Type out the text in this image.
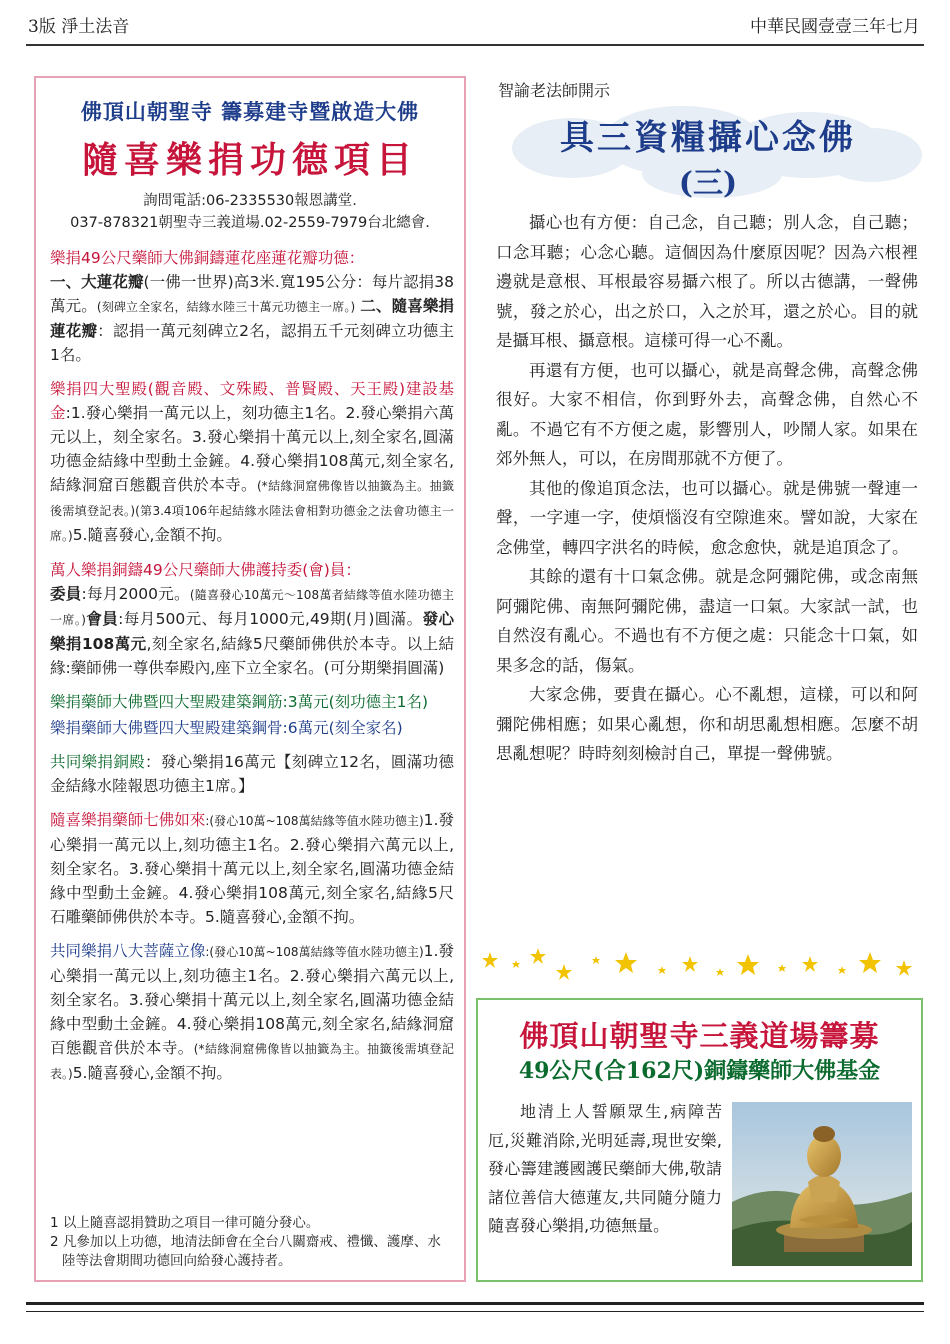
3版 淨土法音	中華民國壹壹三年七月
佛頂山朝聖寺 籌募建寺暨啟造大佛
隨喜樂捐功德項目
詢問電話:06-2335530報恩講堂.
037-878321朝聖寺三義道場.02-2559-7979台北總會.
樂捐49公尺藥師大佛銅鑄蓮花座蓮花瓣功德：
一、大蓮花瓣(一佛一世界)高3米.寬195公分：每片認捐38萬元。(刻碑立全家名，結緣水陸三十萬元功德主一席。) 二、隨喜樂捐蓮花瓣：認捐一萬元刻碑立2名，認捐五千元刻碑立功德主1名。
樂捐四大聖殿(觀音殿、文殊殿、普賢殿、天王殿)建設基金:1.發心樂捐一萬元以上，刻功德主1名。2.發心樂捐六萬元以上，刻全家名。3.發心樂捐十萬元以上,刻全家名,圓滿功德金結緣中型動土金鏟。4.發心樂捐108萬元,刻全家名,結緣洞窟百態觀音供於本寺。(*結緣洞窟佛像皆以抽籤為主。抽籤後需填登記表。)(第3.4項106年起結緣水陸法會相對功德金之法會功德主一席。)5.隨喜發心,金額不拘。
萬人樂捐銅鑄49公尺藥師大佛護持委(會)員：
委員:每月2000元。(隨喜發心10萬元～108萬者結緣等值水陸功德主一席。)會員:每月500元、每月1000元,49期(月)圓滿。發心樂捐108萬元,刻全家名,結緣5尺藥師佛供於本寺。以上結緣:藥師佛一尊供奉殿內,座下立全家名。(可分期樂捐圓滿)
樂捐藥師大佛暨四大聖殿建築鋼筋:3萬元(刻功德主1名)
樂捐藥師大佛暨四大聖殿建築鋼骨:6萬元(刻全家名)
共同樂捐銅殿：發心樂捐16萬元【刻碑立12名，圓滿功德金結緣水陸報恩功德主1席。】
隨喜樂捐藥師七佛如來:(發心10萬~108萬結緣等值水陸功德主)1.發心樂捐一萬元以上,刻功德主1名。2.發心樂捐六萬元以上,刻全家名。3.發心樂捐十萬元以上,刻全家名,圓滿功德金結緣中型動土金鏟。4.發心樂捐108萬元,刻全家名,結緣5尺石雕藥師佛供於本寺。5.隨喜發心,金額不拘。
共同樂捐八大菩薩立像:(發心10萬~108萬結緣等值水陸功德主)1.發心樂捐一萬元以上,刻功德主1名。2.發心樂捐六萬元以上,刻全家名。3.發心樂捐十萬元以上,刻全家名,圓滿功德金結緣中型動土金鏟。4.發心樂捐108萬元,刻全家名,結緣洞窟百態觀音供於本寺。(*結緣洞窟佛像皆以抽籤為主。抽籤後需填登記表。)5.隨喜發心,金額不拘。
1 以上隨喜認捐贊助之項目一律可隨分發心。
2 凡參加以上功德，地清法師會在全台八關齋戒、禮懺、護摩、水陸等法會期間功德回向給發心護持者。
智諭老法師開示
具三資糧攝心念佛
(三)

攝心也有方便：自己念，自己聽；別人念，自己聽；口念耳聽；心念心聽。這個因為什麼原因呢？因為六根裡邊就是意根、耳根最容易攝六根了。所以古德講，一聲佛號，發之於心，出之於口，入之於耳，還之於心。目的就是攝耳根、攝意根。這樣可得一心不亂。

再還有方便，也可以攝心，就是高聲念佛，高聲念佛很好。大家不相信，你到野外去，高聲念佛，自然心不亂。不過它有不方便之處，影響別人，吵鬧人家。如果在郊外無人，可以，在房間那就不方便了。

其他的像追頂念法，也可以攝心。就是佛號一聲連一聲，一字連一字，使煩惱沒有空隙進來。譬如說，大家在念佛堂，轉四字洪名的時候，愈念愈快，就是追頂念了。

其餘的還有十口氣念佛。就是念阿彌陀佛，或念南無阿彌陀佛、南無阿彌陀佛，盡這一口氣。大家試一試，也自然沒有亂心。不過也有不方便之處：只能念十口氣，如果多念的話，傷氣。

大家念佛，要貴在攝心。心不亂想，這樣，可以和阿彌陀佛相應；如果心亂想，你和胡思亂想相應。怎麼不胡思亂想呢？時時刻刻檢討自己，單提一聲佛號。

佛頂山朝聖寺三義道場籌募
49公尺(合162尺)銅鑄藥師大佛基金

地清上人誓願眾生,病障苦厄,災難消除,光明延壽,現世安樂,發心籌建護國護民藥師大佛,敬請諸位善信大德蓮友,共同隨分隨力隨喜發心樂捐,功德無量。
